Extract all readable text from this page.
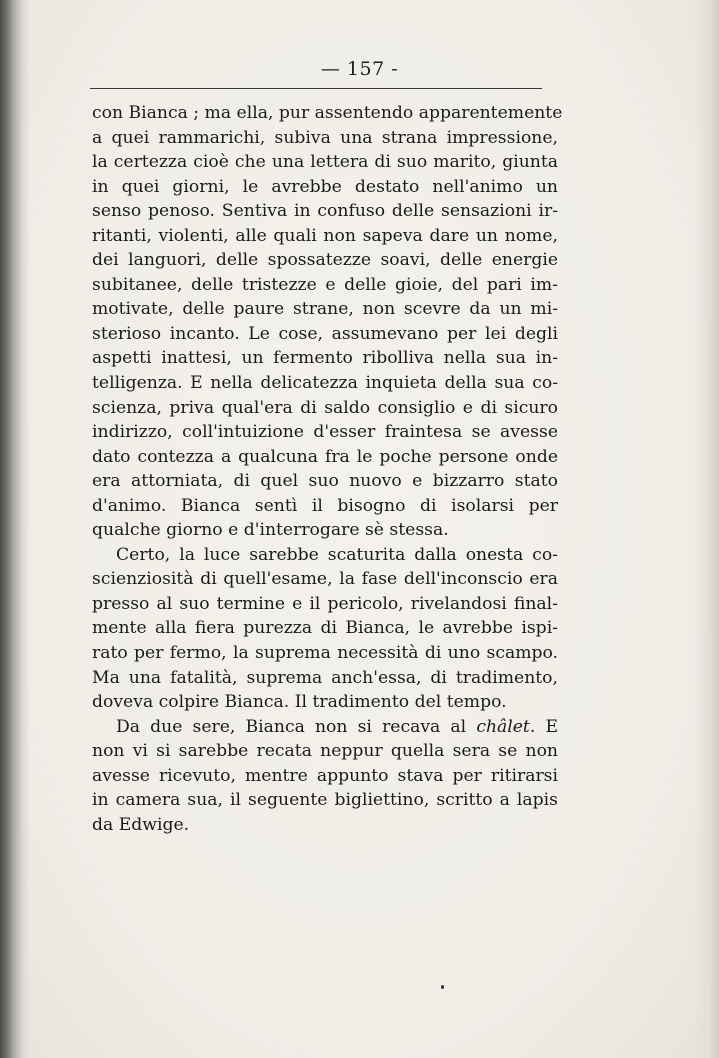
— 157 -
con Bianca ; ma ella, pur assentendo apparentemente
a quei rammarichi, subiva una strana impressione,
la certezza cioè che una lettera di suo marito, giunta
in quei giorni, le avrebbe destato nell'animo un
senso penoso. Sentiva in confuso delle sensazioni ir-
ritanti, violenti, alle quali non sapeva dare un nome,
dei languori, delle spossatezze soavi, delle energie
subitanee, delle tristezze e delle gioie, del pari im-
motivate, delle paure strane, non scevre da un mi-
sterioso incanto. Le cose, assumevano per lei degli
aspetti inattesi, un fermento ribolliva nella sua in-
telligenza. E nella delicatezza inquieta della sua co-
scienza, priva qual'era di saldo consiglio e di sicuro
indirizzo, coll'intuizione d'esser fraintesa se avesse
dato contezza a qualcuna fra le poche persone onde
era attorniata, di quel suo nuovo e bizzarro stato
d'animo. Bianca sentì il bisogno di isolarsi per
qualche giorno e d'interrogare sè stessa.
Certo, la luce sarebbe scaturita dalla onesta co-
scienziosità di quell'esame, la fase dell'inconscio era
presso al suo termine e il pericolo, rivelandosi final-
mente alla fiera purezza di Bianca, le avrebbe ispi-
rato per fermo, la suprema necessità di uno scampo.
Ma una fatalità, suprema anch'essa, di tradimento,
doveva colpire Bianca. Il tradimento del tempo.
Da due sere, Bianca non si recava al châlet. E
non vi si sarebbe recata neppur quella sera se non
avesse ricevuto, mentre appunto stava per ritirarsi
in camera sua, il seguente bigliettino, scritto a lapis
da Edwige.
